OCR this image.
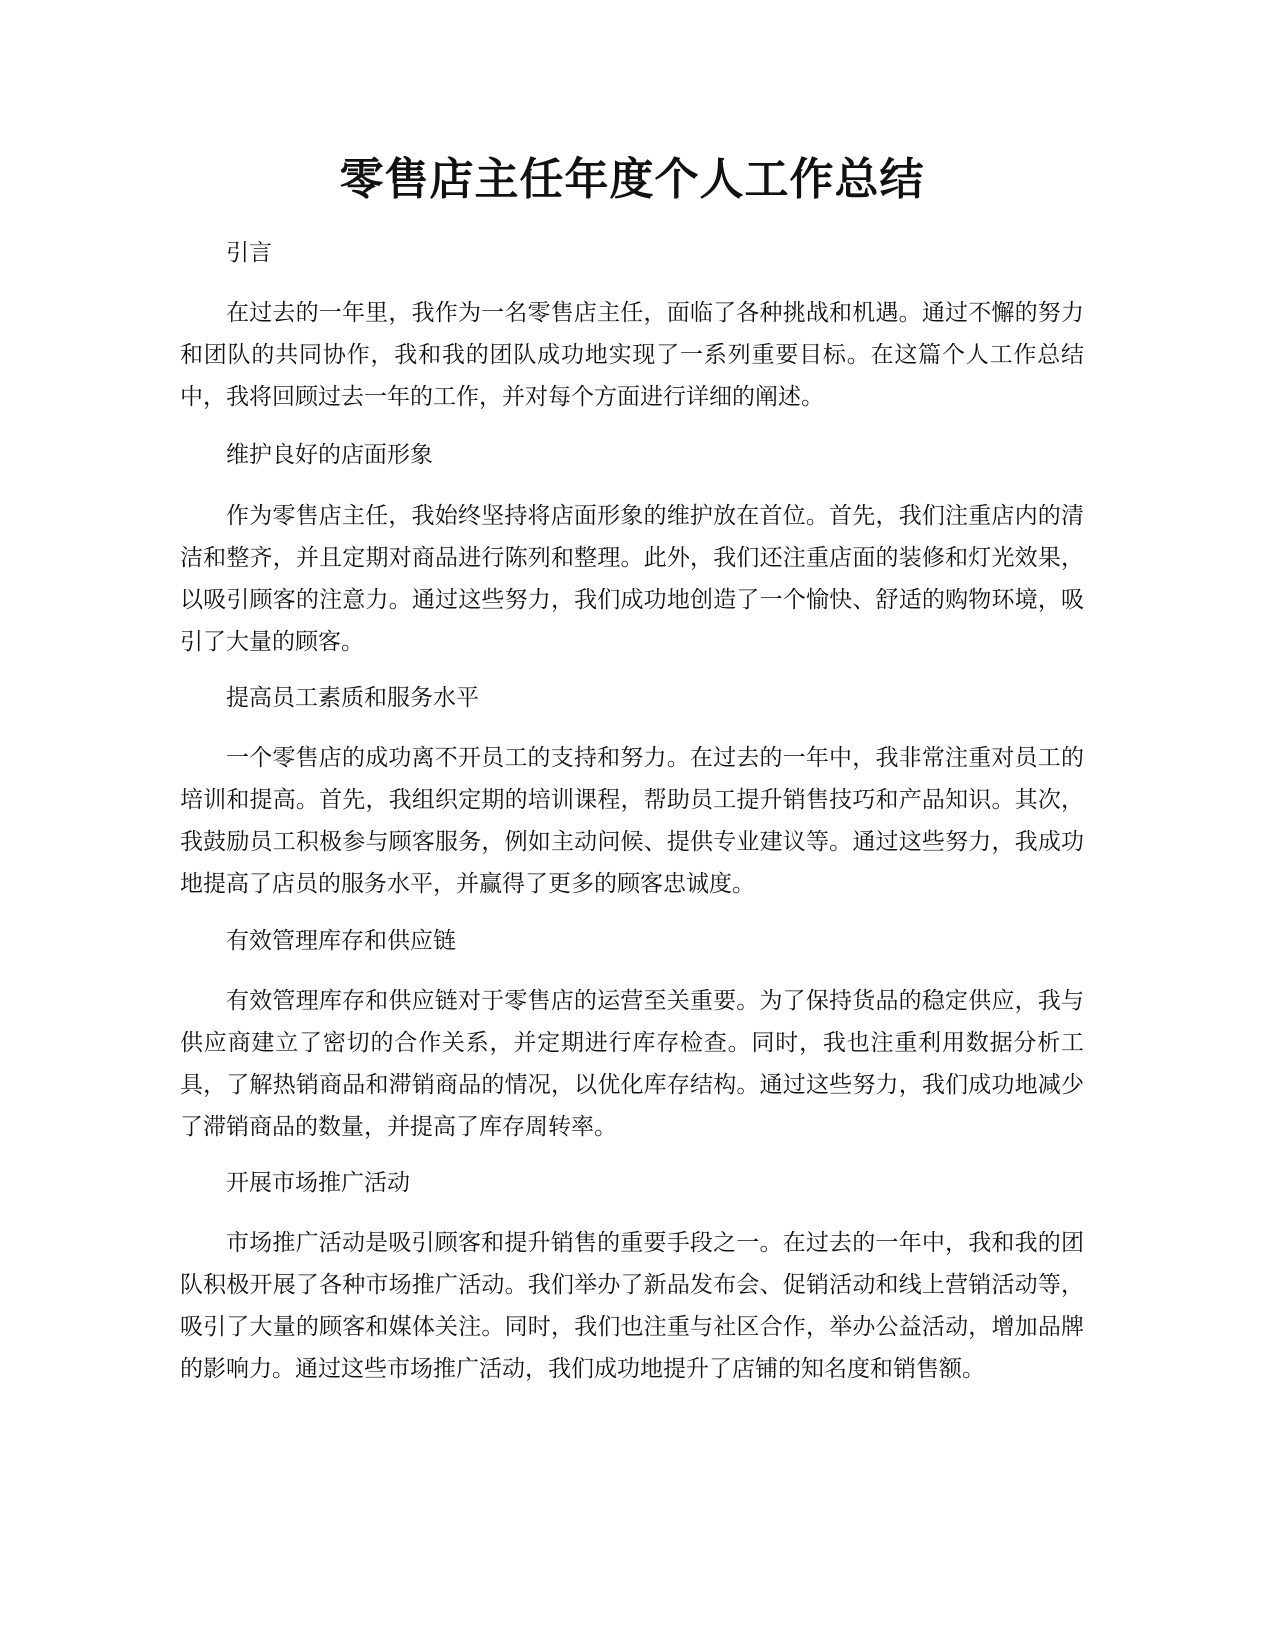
零售店主任年度个人工作总结

引言

在过去的一年里，我作为一名零售店主任，面临了各种挑战和机遇。通过不懈的努力和团队的共同协作，我和我的团队成功地实现了一系列重要目标。在这篇个人工作总结中，我将回顾过去一年的工作，并对每个方面进行详细的阐述。

维护良好的店面形象

作为零售店主任，我始终坚持将店面形象的维护放在首位。首先，我们注重店内的清洁和整齐，并且定期对商品进行陈列和整理。此外，我们还注重店面的装修和灯光效果，以吸引顾客的注意力。通过这些努力，我们成功地创造了一个愉快、舒适的购物环境，吸引了大量的顾客。

提高员工素质和服务水平

一个零售店的成功离不开员工的支持和努力。在过去的一年中，我非常注重对员工的培训和提高。首先，我组织定期的培训课程，帮助员工提升销售技巧和产品知识。其次，我鼓励员工积极参与顾客服务，例如主动问候、提供专业建议等。通过这些努力，我成功地提高了店员的服务水平，并赢得了更多的顾客忠诚度。

有效管理库存和供应链

有效管理库存和供应链对于零售店的运营至关重要。为了保持货品的稳定供应，我与供应商建立了密切的合作关系，并定期进行库存检查。同时，我也注重利用数据分析工具，了解热销商品和滞销商品的情况，以优化库存结构。通过这些努力，我们成功地减少了滞销商品的数量，并提高了库存周转率。

开展市场推广活动

市场推广活动是吸引顾客和提升销售的重要手段之一。在过去的一年中，我和我的团队积极开展了各种市场推广活动。我们举办了新品发布会、促销活动和线上营销活动等，吸引了大量的顾客和媒体关注。同时，我们也注重与社区合作，举办公益活动，增加品牌的影响力。通过这些市场推广活动，我们成功地提升了店铺的知名度和销售额。
